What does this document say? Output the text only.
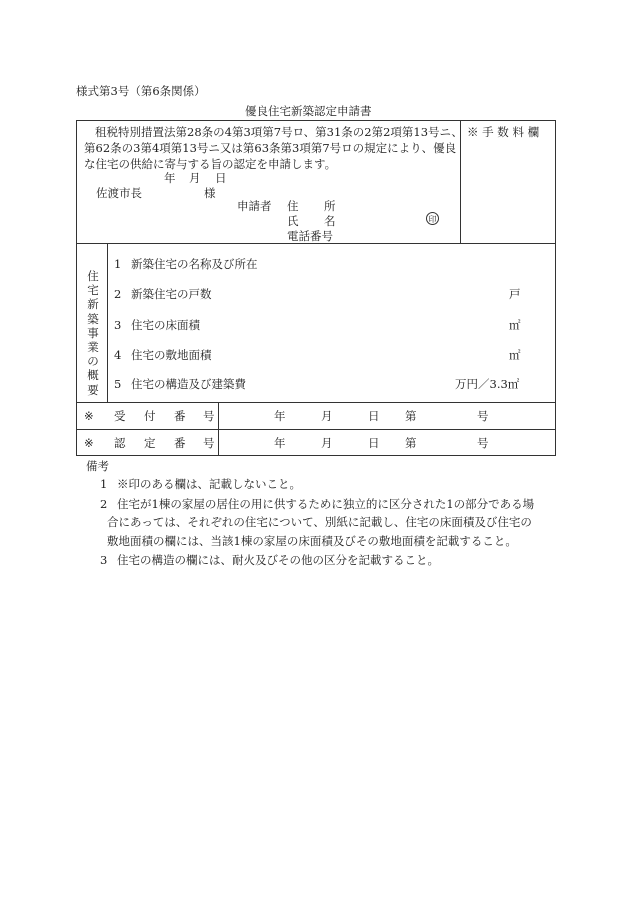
様式第3号（第6条関係）
優良住宅新築認定申請書
租税特別措置法第28条の4第3項第7号ロ、第31条の2第2項第13号ニ、
第62条の3第4項第13号ニ又は第63条第3項第7号ロの規定により、優良
な住宅の供給に寄与する旨の認定を申請します。
※ 手 数 料 欄
年 月 日
佐渡市長	様
申請者 住 所
氏 名
電話番号
住
宅
新
築
事
業
の
概
要
1 新築住宅の名称及び所在
2 新築住宅の戸数	戸
3 住宅の床面積	㎡
4 住宅の敷地面積	㎡
5 住宅の構造及び建築費	万円／3.3㎡
※ 受 付 番 号	年	月	日 第	号
※ 認 定 番 号	年	月	日 第	号
印
備考
1 ※印のある欄は、記載しないこと。
2 住宅が1棟の家屋の居住の用に供するために独立的に区分された1の部分である場
合にあっては、それぞれの住宅について、別紙に記載し、住宅の床面積及び住宅の
敷地面積の欄には、当該1棟の家屋の床面積及びその敷地面積を記載すること。
3 住宅の構造の欄には、耐火及びその他の区分を記載すること。
